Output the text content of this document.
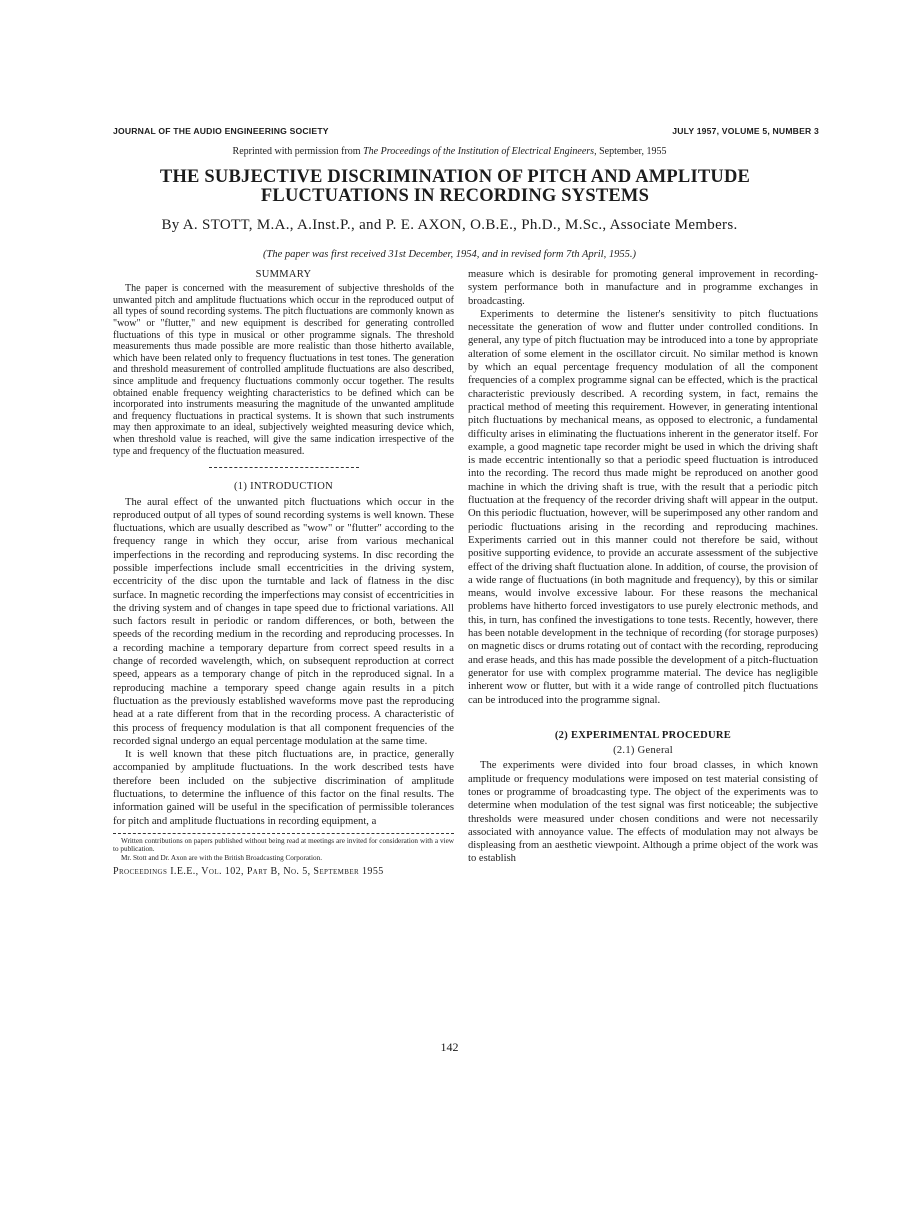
JOURNAL OF THE AUDIO ENGINEERING SOCIETY	JULY 1957, VOLUME 5, NUMBER 3
Reprinted with permission from The Proceedings of the Institution of Electrical Engineers, September, 1955
THE SUBJECTIVE DISCRIMINATION OF PITCH AND AMPLITUDE FLUCTUATIONS IN RECORDING SYSTEMS
By A. STOTT, M.A., A.Inst.P., and P. E. AXON, O.B.E., Ph.D., M.Sc., Associate Members.
(The paper was first received 31st December, 1954, and in revised form 7th April, 1955.)
SUMMARY

The paper is concerned with the measurement of subjective thresholds of the unwanted pitch and amplitude fluctuations which occur in the reproduced output of all types of sound recording systems. The pitch fluctuations are commonly known as "wow" or "flutter," and new equipment is described for generating controlled fluctuations of this type in musical or other programme signals. The threshold measurements thus made possible are more realistic than those hitherto available, which have been related only to frequency fluctuations in test tones. The generation and threshold measurement of controlled amplitude fluctuations are also described, since amplitude and frequency fluctuations commonly occur together. The results obtained enable frequency weighting characteristics to be defined which can be incorporated into instruments measuring the magnitude of the unwanted amplitude and frequency fluctuations in practical systems. It is shown that such instruments may then approximate to an ideal, subjectively weighted measuring device which, when threshold value is reached, will give the same indication irrespective of the type and frequency of the fluctuation measured.

(1) INTRODUCTION

The aural effect of the unwanted pitch fluctuations which occur in the reproduced output of all types of sound recording systems is well known. These fluctuations, which are usually described as "wow" or "flutter" according to the frequency range in which they occur, arise from various mechanical imperfections in the recording and reproducing systems. In disc recording the possible imperfections include small eccentricities in the driving system, eccentricity of the disc upon the turntable and lack of flatness in the disc surface. In magnetic recording the imperfections may consist of eccentricities in the driving system and of changes in tape speed due to frictional variations. All such factors result in periodic or random differences, or both, between the speeds of the recording medium in the recording and reproducing processes. In a recording machine a temporary departure from correct speed results in a change of recorded wavelength, which, on subsequent reproduction at correct speed, appears as a temporary change of pitch in the reproduced signal. In a reproducing machine a temporary speed change again results in a pitch fluctuation as the previously established waveforms move past the reproducing head at a rate different from that in the recording process. A characteristic of this process of frequency modulation is that all component frequencies of the recorded signal undergo an equal percentage modulation at the same time.

It is well known that these pitch fluctuations are, in practice, generally accompanied by amplitude fluctuations. In the work described tests have therefore been included on the subjective discrimination of amplitude fluctuations, to determine the influence of this factor on the final results. The information gained will be useful in the specification of permissible tolerances for pitch and amplitude fluctuations in recording equipment, a

Written contributions on papers published without being read at meetings are invited for consideration with a view to publication.

Mr. Stott and Dr. Axon are with the British Broadcasting Corporation.

Proceedings I.E.E., Vol. 102, Part B, No. 5, September 1955

measure which is desirable for promoting general improvement in recording-system performance both in manufacture and in programme exchanges in broadcasting.

Experiments to determine the listener's sensitivity to pitch fluctuations necessitate the generation of wow and flutter under controlled conditions. In general, any type of pitch fluctuation may be introduced into a tone by appropriate alteration of some element in the oscillator circuit. No similar method is known by which an equal percentage frequency modulation of all the component frequencies of a complex programme signal can be effected, which is the practical characteristic previously described. A recording system, in fact, remains the practical method of meeting this requirement. However, in generating intentional pitch fluctuations by mechanical means, as opposed to electronic, a fundamental difficulty arises in eliminating the fluctuations inherent in the generator itself. For example, a good magnetic tape recorder might be used in which the driving shaft is made eccentric intentionally so that a periodic speed fluctuation is introduced into the recording. The record thus made might be reproduced on another good machine in which the driving shaft is true, with the result that a periodic pitch fluctuation at the frequency of the recorder driving shaft will appear in the output. On this periodic fluctuation, however, will be superimposed any other random and periodic fluctuations arising in the recording and reproducing machines. Experiments carried out in this manner could not therefore be said, without positive supporting evidence, to provide an accurate assessment of the subjective effect of the driving shaft fluctuation alone. In addition, of course, the provision of a wide range of fluctuations (in both magnitude and frequency), by this or similar means, would involve excessive labour. For these reasons the mechanical problems have hitherto forced investigators to use purely electronic methods, and this, in turn, has confined the investigations to tone tests. Recently, however, there has been notable development in the technique of recording (for storage purposes) on magnetic discs or drums rotating out of contact with the recording, reproducing and erase heads, and this has made possible the development of a pitch-fluctuation generator for use with complex programme material. The device has negligible inherent wow or flutter, but with it a wide range of controlled pitch fluctuations can be introduced into the programme signal.

(2) EXPERIMENTAL PROCEDURE
(2.1) General

The experiments were divided into four broad classes, in which known amplitude or frequency modulations were imposed on test material consisting of tones or programme of broadcasting type. The object of the experiments was to determine when modulation of the test signal was first noticeable; the subjective thresholds were measured under chosen conditions and were not necessarily associated with annoyance value. The effects of modulation may not always be displeasing from an aesthetic viewpoint. Although a prime object of the work was to establish

142
